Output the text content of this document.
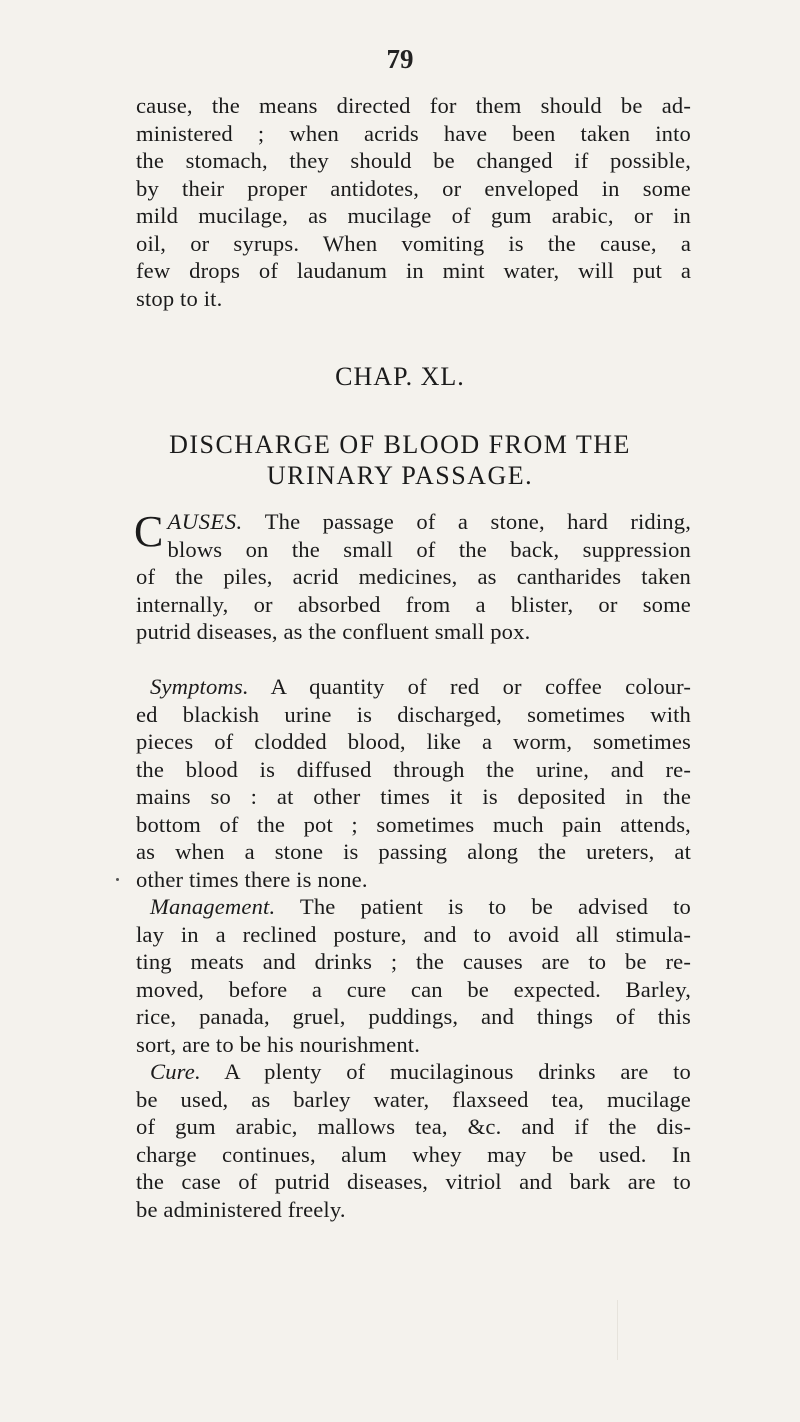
79
cause, the means directed for them should be ad-
ministered ; when acrids have been taken into
the stomach, they should be changed if possible,
by their proper antidotes, or enveloped in some
mild mucilage, as mucilage of gum arabic, or in
oil, or syrups. When vomiting is the cause, a
few drops of laudanum in mint water, will put a
stop to it.
CHAP. XL.
DISCHARGE OF BLOOD FROM THE
URINARY PASSAGE.
C AUSES. The passage of a stone, hard riding,
blows on the small of the back, suppression
of the piles, acrid medicines, as cantharides taken
internally, or absorbed from a blister, or some
putrid diseases, as the confluent small pox.
Symptoms. A quantity of red or coffee colour-
ed blackish urine is discharged, sometimes with
pieces of clodded blood, like a worm, sometimes
the blood is diffused through the urine, and re-
mains so : at other times it is deposited in the
bottom of the pot ; sometimes much pain attends,
as when a stone is passing along the ureters, at
other times there is none.
Management. The patient is to be advised to
lay in a reclined posture, and to avoid all stimula-
ting meats and drinks ; the causes are to be re-
moved, before a cure can be expected. Barley,
rice, panada, gruel, puddings, and things of this
sort, are to be his nourishment.
Cure. A plenty of mucilaginous drinks are to
be used, as barley water, flaxseed tea, mucilage
of gum arabic, mallows tea, &c. and if the dis-
charge continues, alum whey may be used. In
the case of putrid diseases, vitriol and bark are to
be administered freely.
